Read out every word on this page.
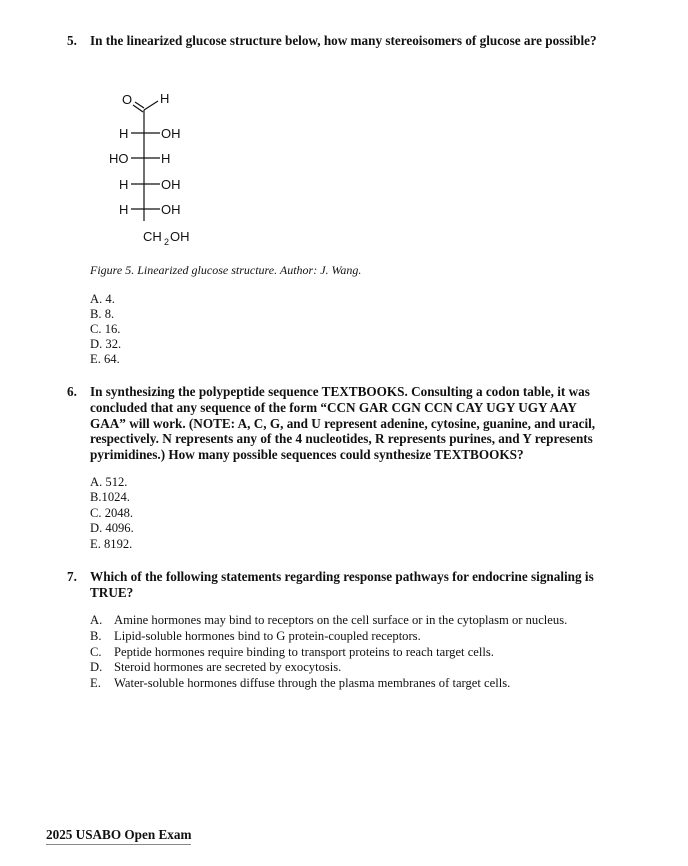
5. In the linearized glucose structure below, how many stereoisomers of glucose are possible?
O H
H	OH
HO	H
H	OH
H	OH
CH 2 OH
Figure 5. Linearized glucose structure. Author: J. Wang.
A. 4.
B. 8.
C. 16.
D. 32.
E. 64.
6. In synthesizing the polypeptide sequence TEXTBOOKS. Consulting a codon table, it was
concluded that any sequence of the form “CCN GAR CGN CCN CAY UGY UGY AAY
GAA” will work. (NOTE: A, C, G, and U represent adenine, cytosine, guanine, and uracil,
respectively. N represents any of the 4 nucleotides, R represents purines, and Y represents
pyrimidines.) How many possible sequences could synthesize TEXTBOOKS?
A. 512.
B.1024.
C. 2048.
D. 4096.
E. 8192.
7. Which of the following statements regarding response pathways for endocrine signaling is
TRUE?
A. Amine hormones may bind to receptors on the cell surface or in the cytoplasm or nucleus.
B. Lipid-soluble hormones bind to G protein-coupled receptors.
C. Peptide hormones require binding to transport proteins to reach target cells.
D. Steroid hormones are secreted by exocytosis.
E. Water-soluble hormones diffuse through the plasma membranes of target cells.
2025 USABO Open Exam
